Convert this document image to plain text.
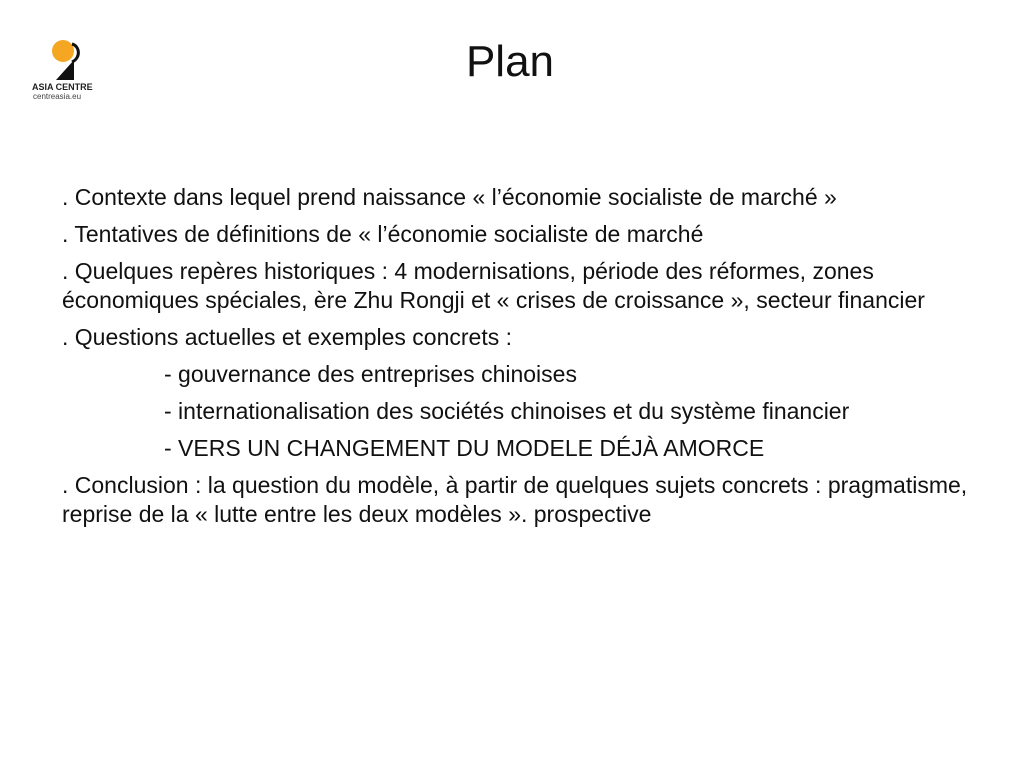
ASIA CENTRE
centreasia.eu
Plan
. Contexte dans lequel prend naissance « l’économie socialiste de marché »
. Tentatives de définitions de « l’économie socialiste de marché
. Quelques repères historiques : 4 modernisations, période des réformes, zones économiques spéciales, ère Zhu Rongji et « crises de croissance », secteur financier
. Questions actuelles et exemples concrets :
- gouvernance des entreprises chinoises
- internationalisation des sociétés chinoises et du système financier
- VERS UN CHANGEMENT DU MODELE DÉJÀ AMORCE
. Conclusion : la question du modèle, à partir de quelques sujets concrets : pragmatisme, reprise de la « lutte entre les deux modèles ». prospective
